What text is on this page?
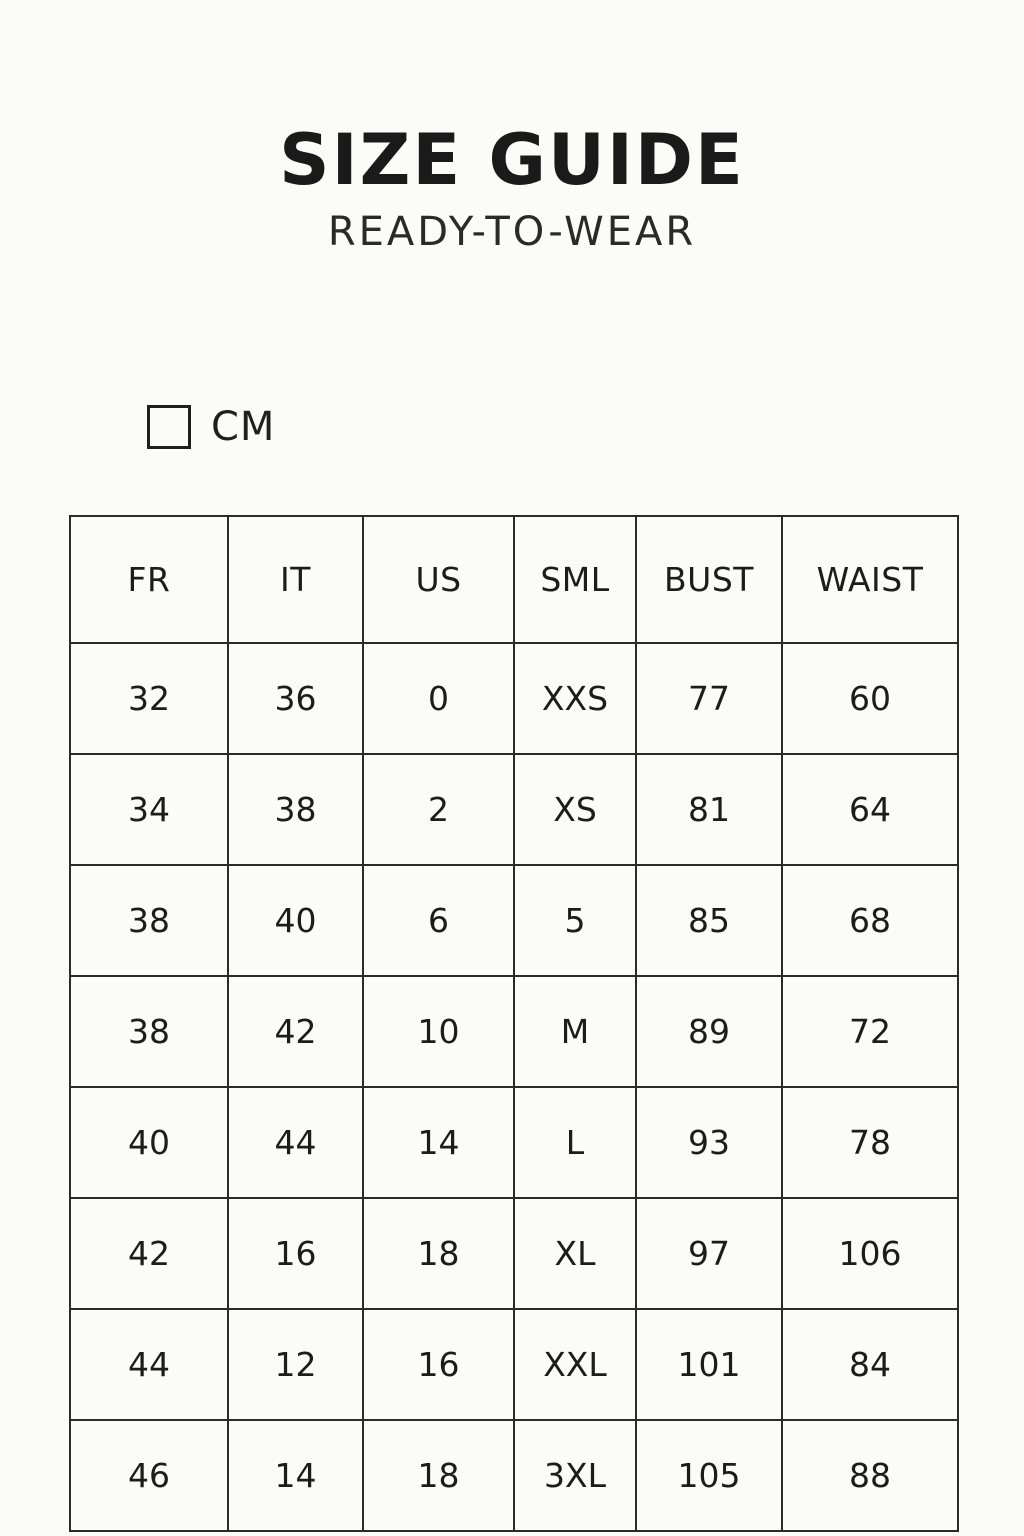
SIZE GUIDE
READY-TO-WEAR
CM
FR	IT	US	SML	BUST	WAIST
32	36	0	XXS	77	60
34	38	2	XS	81	64
38	40	6	5	85	68
38	42	10	M	89	72
40	44	14	L	93	78
42	16	18	XL	97	106
44	12	16	XXL	101	84
46	14	18	3XL	105	88
